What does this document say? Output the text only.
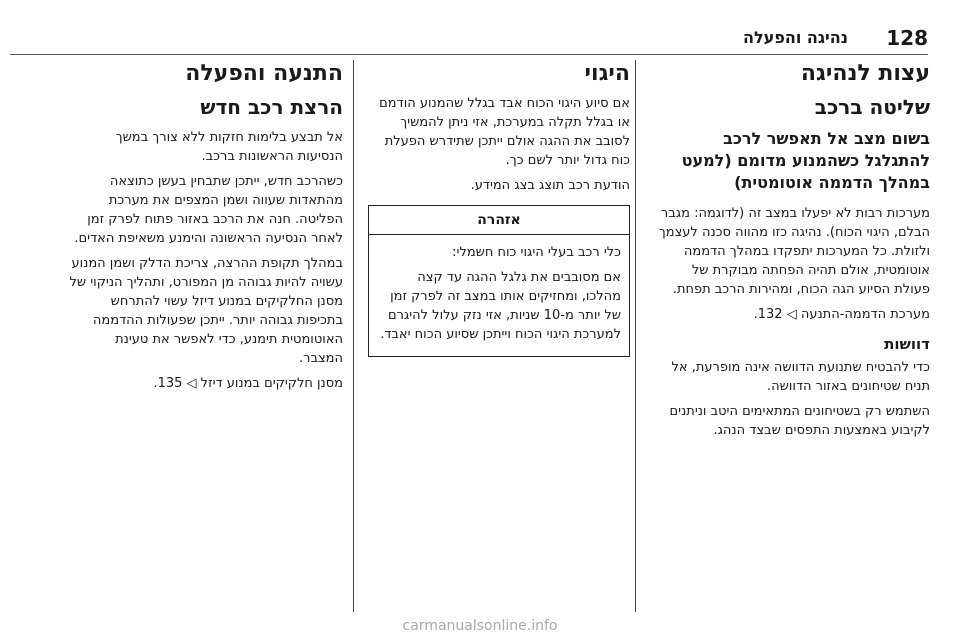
128
נהיגה והפעלה
עצות לנהיגה
שליטה ברכב
בשום מצב אל תאפשר לרכב להתגלגל כשהמנוע מדומם (למעט במהלך הדממה אוטומטית)

מערכות רבות לא יפעלו במצב זה (לדוגמה: מגבר הבלם, היגוי הכוח). נהיגה כזו מהווה סכנה לעצמך ולזולת. כל המערכות יתפקדו במהלך הדממה אוטומטית, אולם תהיה הפחתה מבוקרת של פעולת הסיוע הגה הכוח, ומהירות הרכב תפחת.

מערכת הדממה-התנעה ◁ 132.

דוושות

כדי להבטיח שתנועת הדוושה אינה מופרעת, אל תניח שטיחונים באזור הדוושה.

השתמש רק בשטיחונים המתאימים היטב וניתנים לקיבוע באמצעות התפסים שבצד הנהג.

היגוי

אם סיוע היגוי הכוח אבד בגלל שהמנוע הודמם או בגלל תקלה במערכת, אזי ניתן להמשיך לסובב את ההגה אולם ייתכן שתידרש הפעלת כוח גדול יותר לשם כך.

הודעת רכב תוצג בצג המידע.

אזהרה

כלי רכב בעלי היגוי כוח חשמלי:

אם מסובבים את גלגל ההגה עד קצה מהלכו, ומחזיקים אותו במצב זה לפרק זמן של יותר מ-10 שניות, אזי נזק עלול להיגרם למערכת היגוי הכוח וייתכן שסיוע הכוח יאבד.

התנעה והפעלה
הרצת רכב חדש

אל תבצע בלימות חזקות ללא צורך במשך הנסיעות הראשונות ברכב.

כשהרכב חדש, ייתכן שתבחין בעשן כתוצאה מהתאדות שעווה ושמן המצפים את מערכת הפליטה. חנה את הרכב באזור פתוח לפרק זמן לאחר הנסיעה הראשונה והימנע משאיפת האדים.

במהלך תקופת ההרצה, צריכת הדלק ושמן המנוע עשויה להיות גבוהה מן המפורט, ותהליך הניקוי של מסנן החלקיקים במנוע דיזל עשוי להתרחש בתכיפות גבוהה יותר. ייתכן שפעולות ההדממה האוטומטית תימנע, כדי לאפשר את טעינת המצבר.

מסנן חלקיקים במנוע דיזל ◁ 135.

carmanualsonline.info
